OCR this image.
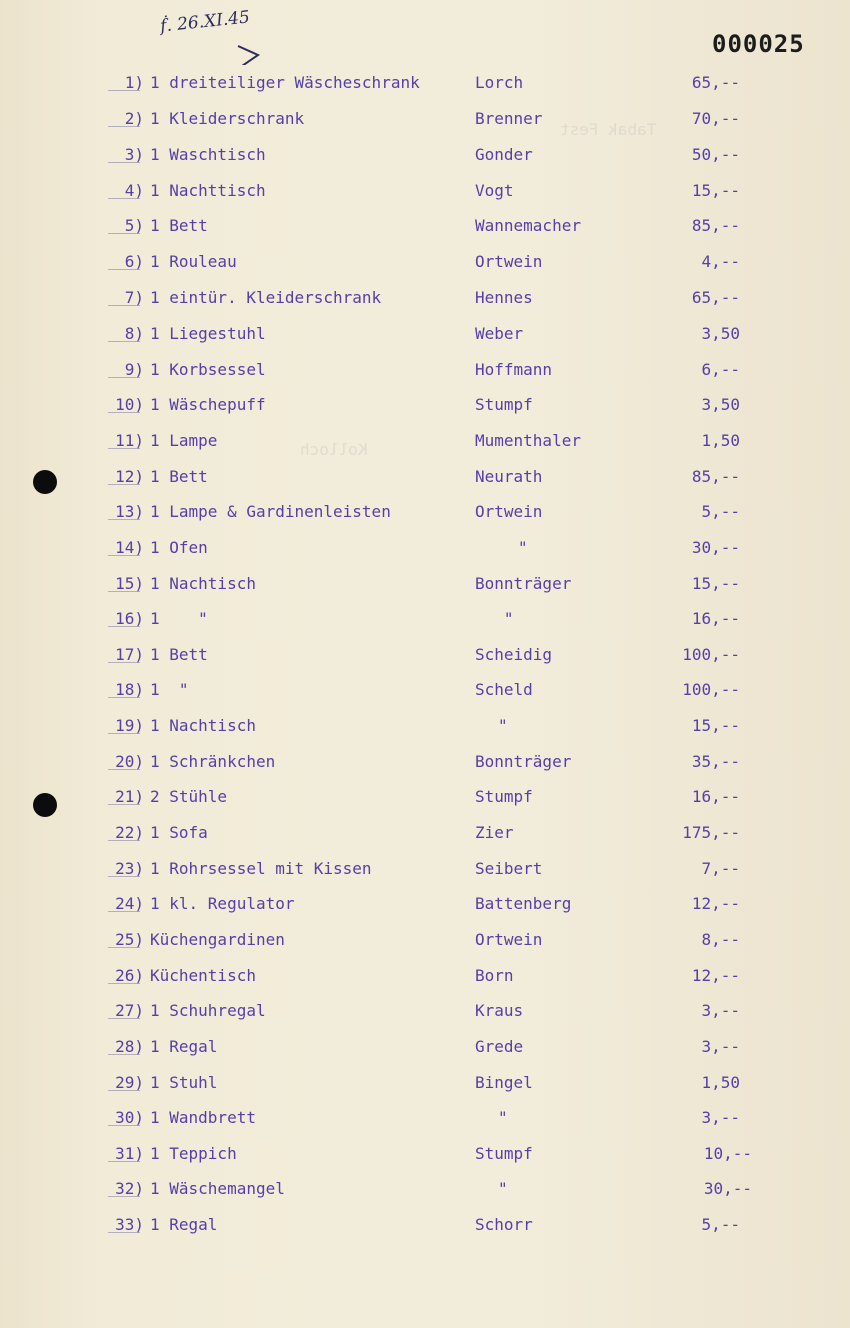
Tabak Fest
Kolloch
ḟ. 26.XI.45
000025
1) 1 dreiteiliger Wäscheschrank	Lorch	65,--
2) 1 Kleiderschrank	Brenner	70,--
3) 1 Waschtisch	Gonder	50,--
4) 1 Nachttisch	Vogt	15,--
5) 1 Bett	Wannemacher	85,--
6) 1 Rouleau	Ortwein	4,--
7) 1 eintür. Kleiderschrank	Hennes	65,--
8) 1 Liegestuhl	Weber	3,50
9) 1 Korbsessel	Hoffmann	6,--
10) 1 Wäschepuff	Stumpf	3,50
11) 1 Lampe	Mumenthaler	1,50
12) 1 Bett	Neurath	85,--
13) 1 Lampe & Gardinenleisten	Ortwein	5,--
14) 1 Ofen	"	30,--
15) 1 Nachtisch	Bonnträger	15,--
16) 1    "	"	16,--
17) 1 Bett	Scheidig	100,--
18) 1  "	Scheld	100,--
19) 1 Nachtisch	"	15,--
20) 1 Schränkchen	Bonnträger	35,--
21) 2 Stühle	Stumpf	16,--
22) 1 Sofa	Zier	175,--
23) 1 Rohrsessel mit Kissen	Seibert	7,--
24) 1 kl. Regulator	Battenberg	12,--
25) Küchengardinen	Ortwein	8,--
26) Küchentisch	Born	12,--
27) 1 Schuhregal	Kraus	3,--
28) 1 Regal	Grede	3,--
29) 1 Stuhl	Bingel	1,50
30) 1 Wandbrett	"	3,--
31) 1 Teppich	Stumpf	10,--
32) 1 Wäschemangel	"	30,--
33) 1 Regal	Schorr	5,--
